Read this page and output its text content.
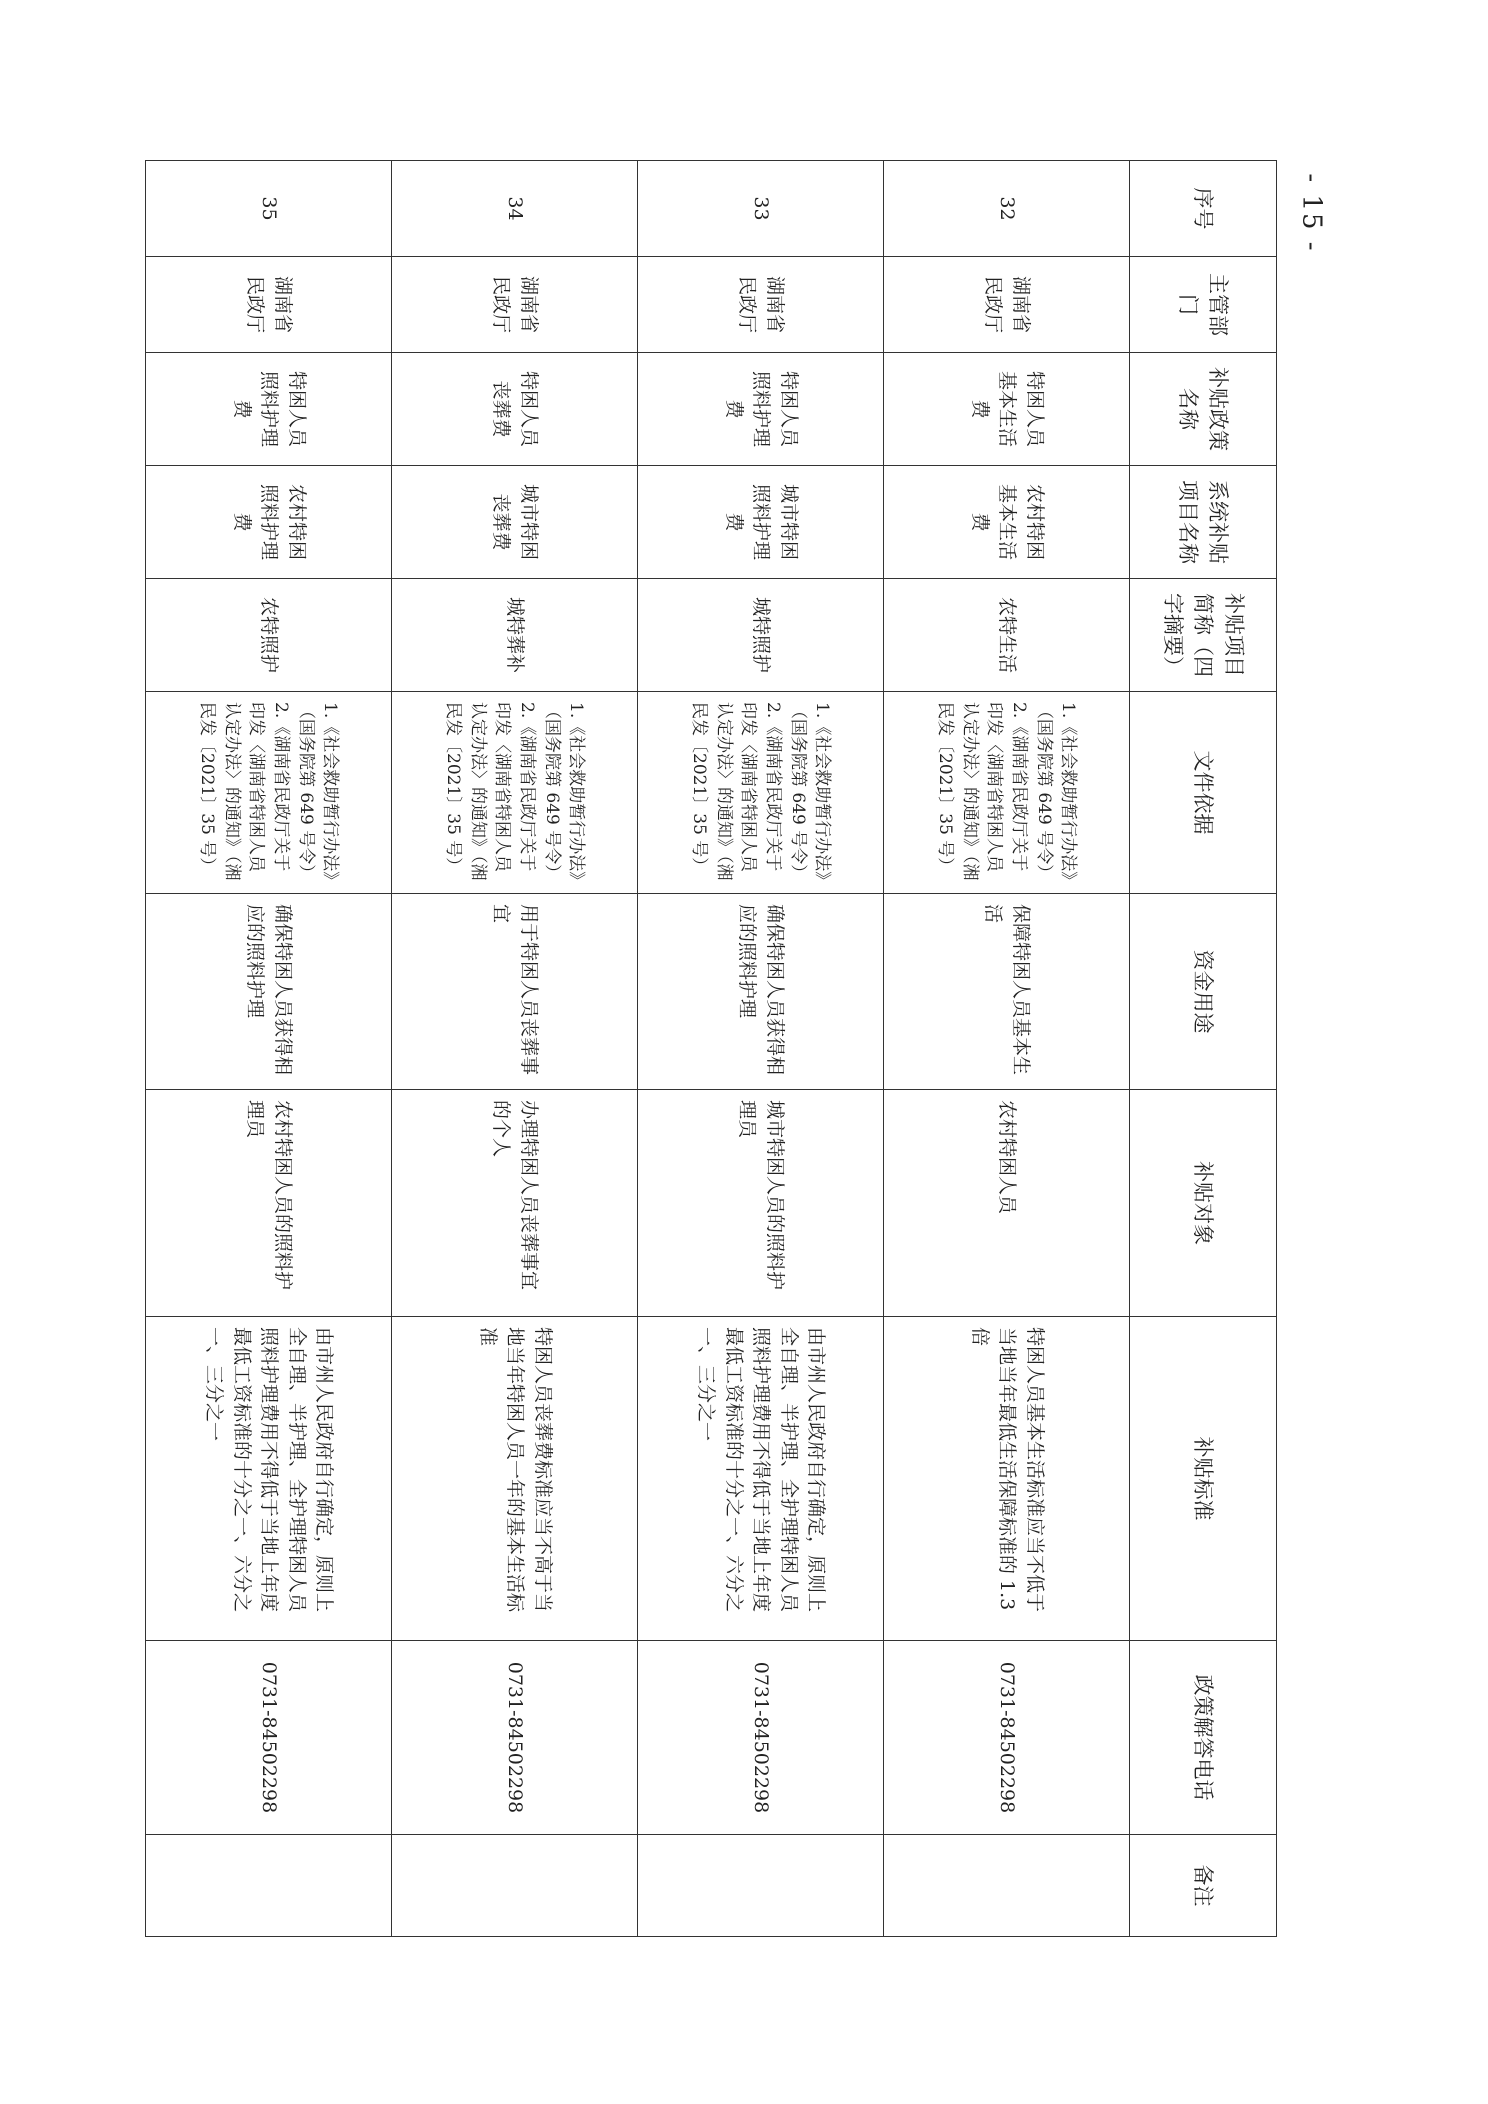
- 15 -
序号	主管部门	补贴政策名称	系统补贴项目名称	补贴项目简称（四字摘要）	文件依据	资金用途	补贴对象	补贴标准	政策解答电话	备注
32	湖南省民政厅	特困人员基本生活费	农村特困基本生活费	农特生活	1.《社会救助暂行办法》（国务院第 649 号令）
2.《湖南省民政厅关于印发〈湖南省特困人员认定办法〉的通知》（湘民发〔2021〕35 号）	保障特困人员基本生活	农村特困人员	特困人员基本生活标准应当不低于当地当年最低生活保障标准的 1.3 倍	0731-84502298	
33	湖南省民政厅	特困人员照料护理费	城市特困照料护理费	城特照护	1.《社会救助暂行办法》（国务院第 649 号令）
2.《湖南省民政厅关于印发〈湖南省特困人员认定办法〉的通知》（湘民发〔2021〕35 号）	确保特困人员获得相应的照料护理	城市特困人员的照料护理员	由市州人民政府自行确定，原则上全自理、半护理、全护理特困人员照料护理费用不得低于当地上年度最低工资标准的十分之一、六分之一、三分之一	0731-84502298	
34	湖南省民政厅	特困人员丧葬费	城市特困丧葬费	城特葬补	1.《社会救助暂行办法》（国务院第 649 号令）
2.《湖南省民政厅关于印发〈湖南省特困人员认定办法〉的通知》（湘民发〔2021〕35 号）	用于特困人员丧葬事宜	办理特困人员丧葬事宜的个人	特困人员丧葬费标准应当不高于当地当年特困人员一年的基本生活标准	0731-84502298	
35	湖南省民政厅	特困人员照料护理费	农村特困照料护理费	农特照护	1.《社会救助暂行办法》（国务院第 649 号令）
2.《湖南省民政厅关于印发〈湖南省特困人员认定办法〉的通知》（湘民发〔2021〕35 号）	确保特困人员获得相应的照料护理	农村特困人员的照料护理员	由市州人民政府自行确定，原则上全自理、半护理、全护理特困人员照料护理费用不得低于当地上年度最低工资标准的十分之一、六分之一、三分之一	0731-84502298	
